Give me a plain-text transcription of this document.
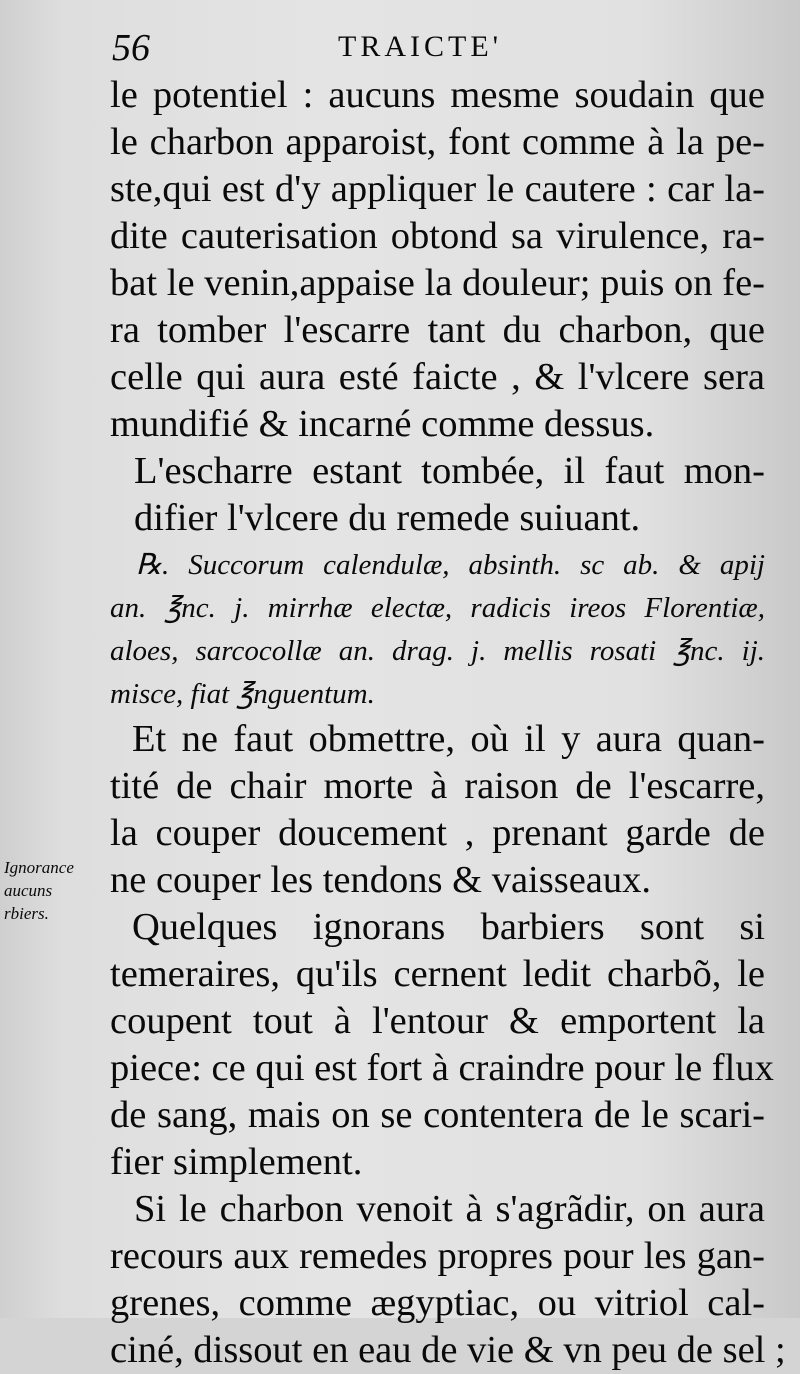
56	TRAICTE'
Ignorance
aucuns
rbiers.
le potentiel : aucuns mesme soudain que
le charbon apparoist, font comme à la pe-
ste,qui est d'y appliquer le cautere : car la-
dite cauterisation obtond sa virulence, ra-
bat le venin,appaise la douleur; puis on fe-
ra tomber l'escarre tant du charbon, que
celle qui aura esté faicte , & l'vlcere sera
mundifié & incarné comme dessus.
L'escharre estant tombée, il faut mon-
difier l'vlcere du remede suiuant.
℞. Succorum calendulæ, absinth. sc ab. & apij
an. ℥nc. j. mirrhæ electæ, radicis ireos Florentiæ,
aloes, sarcocollæ an. drag. j. mellis rosati ℥nc. ij.
misce, fiat ℥nguentum.
Et ne faut obmettre, où il y aura quan-
tité de chair morte à raison de l'escarre,
la couper doucement , prenant garde de
ne couper les tendons & vaisseaux.
Quelques ignorans barbiers sont si
temeraires, qu'ils cernent ledit charbõ, le
coupent tout à l'entour & emportent la
piece: ce qui est fort à craindre pour le flux
de sang, mais on se contentera de le scari-
fier simplement.
Si le charbon venoit à s'agrãdir, on aura
recours aux remedes propres pour les gan-
grenes, comme ægyptiac, ou vitriol cal-
ciné, dissout en eau de vie & vn peu de sel ;
